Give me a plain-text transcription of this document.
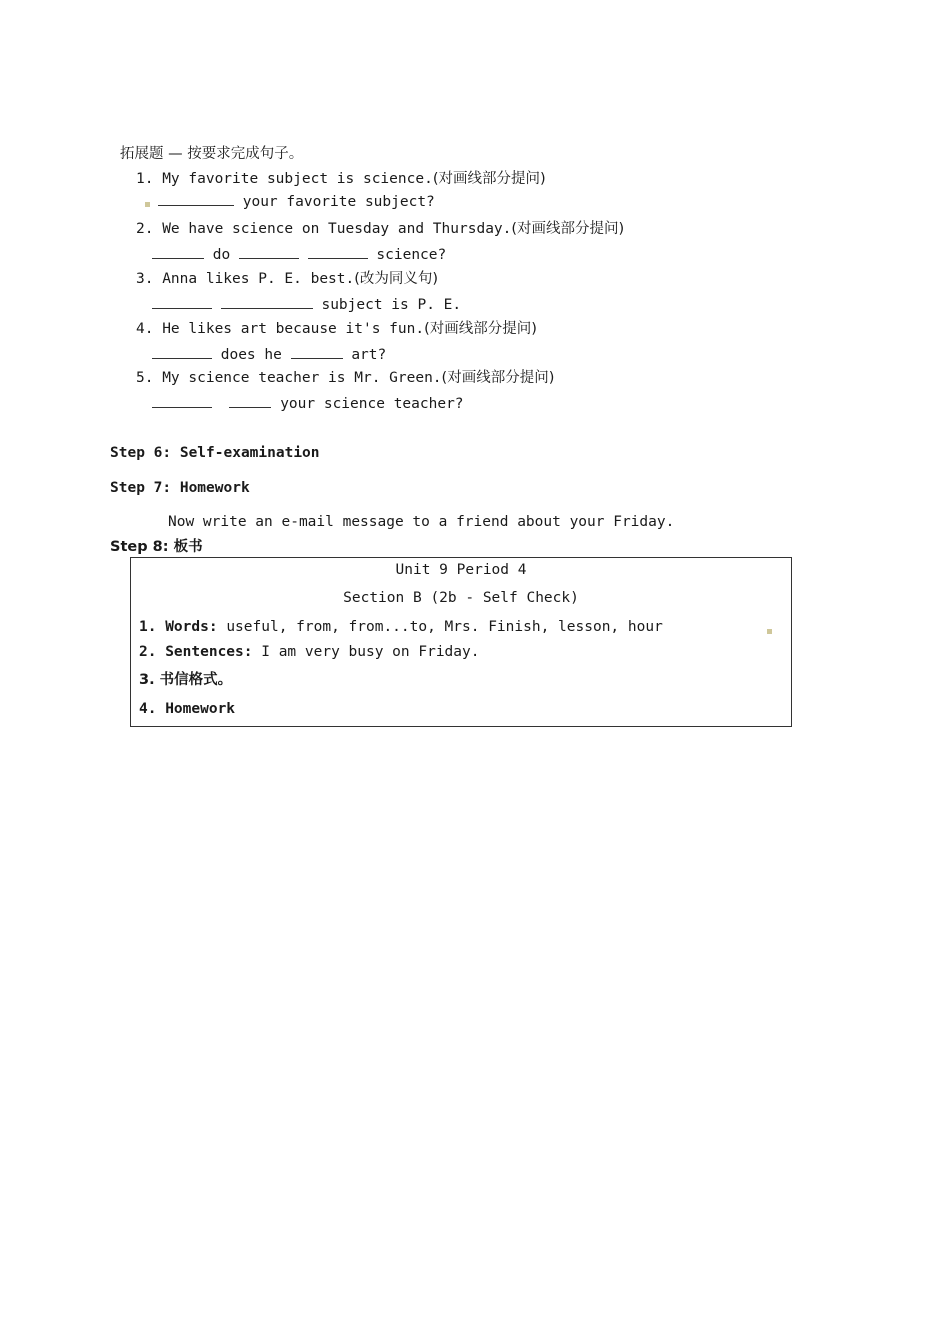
拓展题 — 按要求完成句子。
1. My favorite subject is science.(对画线部分提问)
your favorite subject?
2. We have science on Tuesday and Thursday.(对画线部分提问)
do	science?
3. Anna likes P. E. best.(改为同义句)
subject is P. E.
4. He likes art because it's fun.(对画线部分提问)
does he	art?
5. My science teacher is Mr. Green.(对画线部分提问)
your science teacher?
Step 6: Self-examination
Step 7: Homework
Now write an e-mail message to a friend about your Friday.
Step 8: 板书
Unit 9 Period 4
Section B (2b - Self Check)
1. Words: useful, from, from...to, Mrs. Finish, lesson, hour
2. Sentences: I am very busy on Friday.
3. 书信格式。
4. Homework
